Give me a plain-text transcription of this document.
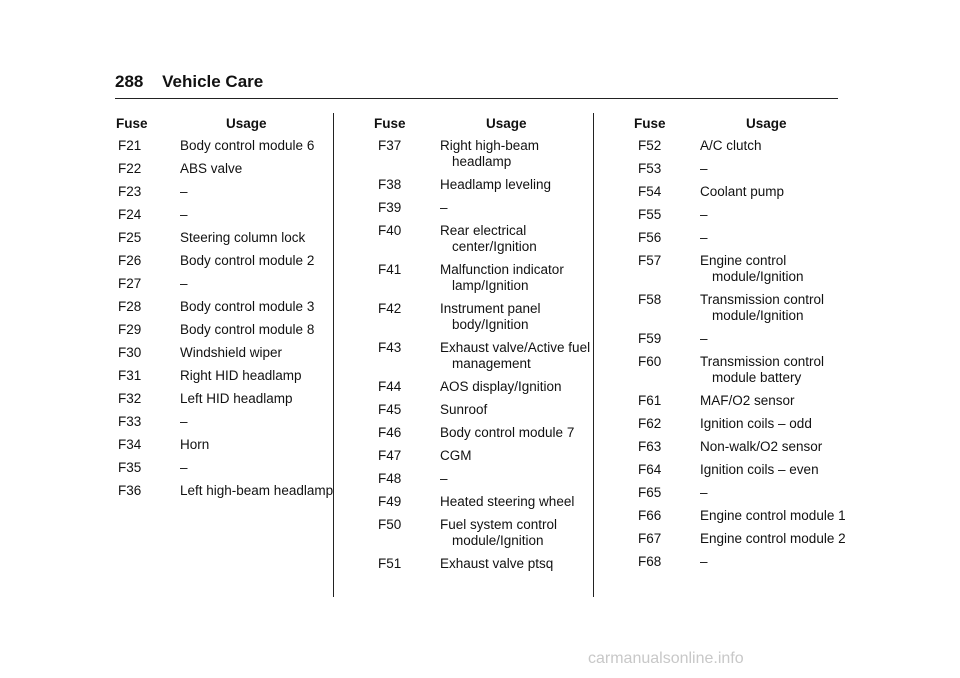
288 Vehicle Care
Fuse	Usage
F21	Body control module 6
F22	ABS valve
F23	–
F24	–
F25	Steering column lock
F26	Body control module 2
F27	–
F28	Body control module 3
F29	Body control module 8
F30	Windshield wiper
F31	Right HID headlamp
F32	Left HID headlamp
F33	–
F34	Horn
F35	–
F36	Left high-beam headlamp
Fuse	Usage
F37	Right high-beam headlamp
F38	Headlamp leveling
F39	–
F40	Rear electrical center/Ignition
F41	Malfunction indicator lamp/Ignition
F42	Instrument panel body/Ignition
F43	Exhaust valve/Active fuel management
F44	AOS display/Ignition
F45	Sunroof
F46	Body control module 7
F47	CGM
F48	–
F49	Heated steering wheel
F50	Fuel system control module/Ignition
F51	Exhaust valve ptsq
Fuse	Usage
F52	A/C clutch
F53	–
F54	Coolant pump
F55	–
F56	–
F57	Engine control module/Ignition
F58	Transmission control module/Ignition
F59	–
F60	Transmission control module battery
F61	MAF/O2 sensor
F62	Ignition coils – odd
F63	Non-walk/O2 sensor
F64	Ignition coils – even
F65	–
F66	Engine control module 1
F67	Engine control module 2
F68	–
carmanualsonline.info
